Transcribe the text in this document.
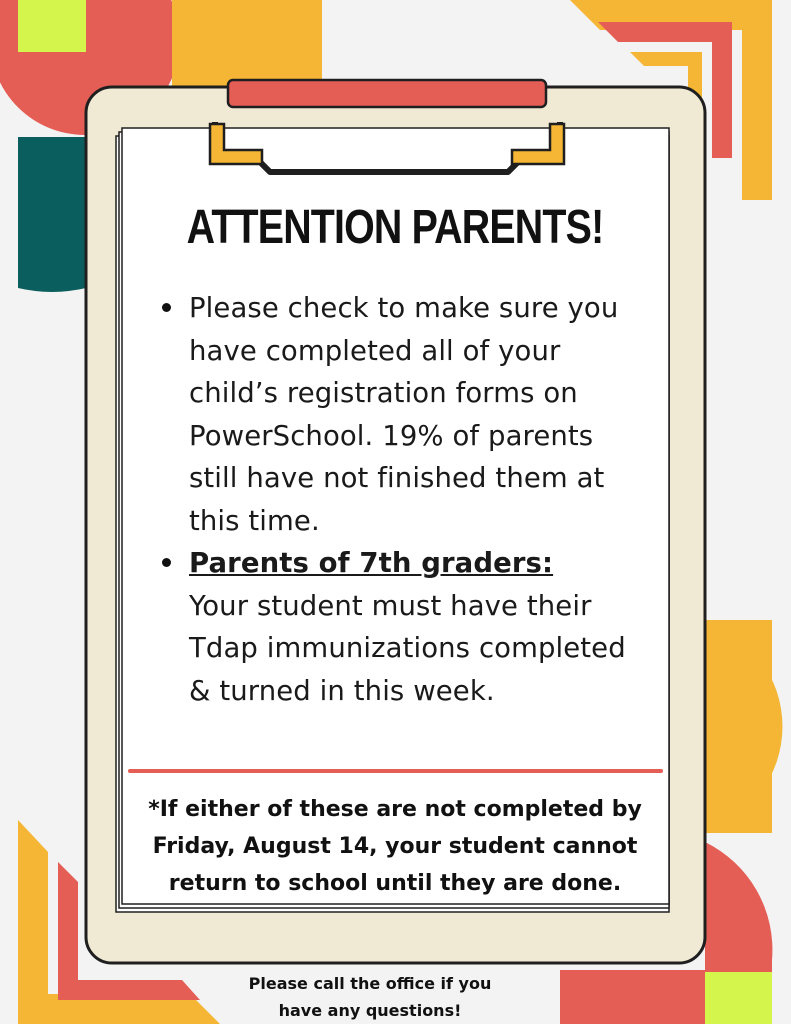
ATTENTION PARENTS!
Please check to make sure you have completed all of your child’s registration forms on PowerSchool. 19% of parents still have not finished them at this time.
Parents of 7th graders:
Your student must have their Tdap immunizations completed & turned in this week.

*If either of these are not completed by Friday, August 14, your student cannot return to school until they are done.

Please call the office if you have any questions!
